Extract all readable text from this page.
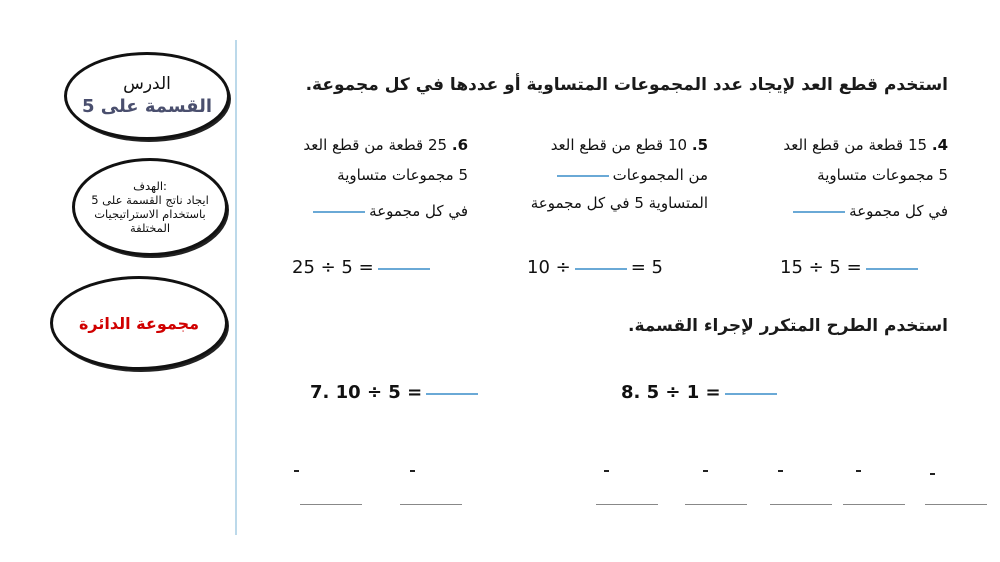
الدرس
القسمة على 5
الهدف:
ايجاد ناتج القسمة على 5 باستخدام الاستراتيجيات المختلفة
مجموعة الدائرة
استخدم قطع العد لإيجاد عدد المجموعات المتساوية أو عددها في كل مجموعة.
4. 15 قطعة من قطع العد
5 مجموعات متساوية
في كل مجموعة
15 ÷ 5 =
5. 10 قطع من قطع العد
من المجموعات
المتساوية 5 في كل مجموعة
10 ÷	= 5
6. 25 قطعة من قطع العد
5 مجموعات متساوية
في كل مجموعة
25 ÷ 5 =
استخدم الطرح المتكرر لإجراء القسمة.
7. 10 ÷ 5 =	8. 5 ÷ 1 =
